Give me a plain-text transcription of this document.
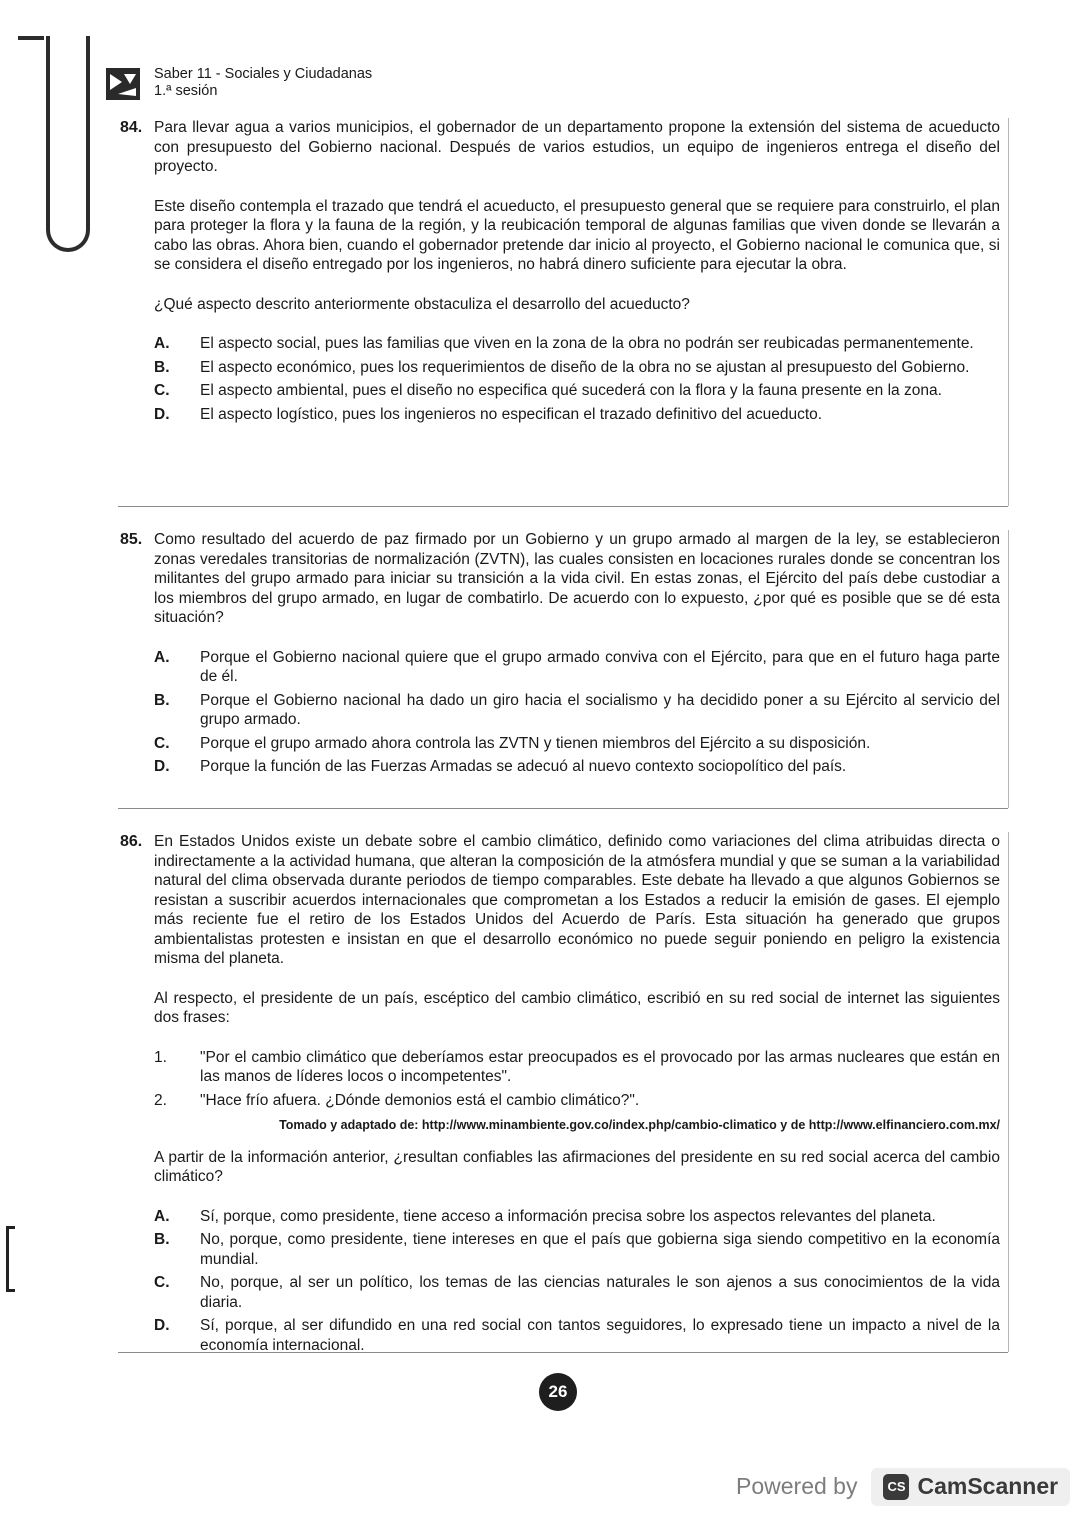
Saber 11 - Sociales y Ciudadanas
1.ª sesión
84. Para llevar agua a varios municipios, el gobernador de un departamento propone la extensión del sistema de acueducto con presupuesto del Gobierno nacional. Después de varios estudios, un equipo de ingenieros entrega el diseño del proyecto.

Este diseño contempla el trazado que tendrá el acueducto, el presupuesto general que se requiere para construirlo, el plan para proteger la flora y la fauna de la región, y la reubicación temporal de algunas familias que viven donde se llevarán a cabo las obras. Ahora bien, cuando el gobernador pretende dar inicio al proyecto, el Gobierno nacional le comunica que, si se considera el diseño entregado por los ingenieros, no habrá dinero suficiente para ejecutar la obra.

¿Qué aspecto descrito anteriormente obstaculiza el desarrollo del acueducto?

A.	El aspecto social, pues las familias que viven en la zona de la obra no podrán ser reubicadas permanentemente.
B.	El aspecto económico, pues los requerimientos de diseño de la obra no se ajustan al presupuesto del Gobierno.
C.	El aspecto ambiental, pues el diseño no especifica qué sucederá con la flora y la fauna presente en la zona.
D.	El aspecto logístico, pues los ingenieros no especifican el trazado definitivo del acueducto.
85. Como resultado del acuerdo de paz firmado por un Gobierno y un grupo armado al margen de la ley, se establecieron zonas veredales transitorias de normalización (ZVTN), las cuales consisten en locaciones rurales donde se concentran los militantes del grupo armado para iniciar su transición a la vida civil. En estas zonas, el Ejército del país debe custodiar a los miembros del grupo armado, en lugar de combatirlo. De acuerdo con lo expuesto, ¿por qué es posible que se dé esta situación?

A.	Porque el Gobierno nacional quiere que el grupo armado conviva con el Ejército, para que en el futuro haga parte de él.
B.	Porque el Gobierno nacional ha dado un giro hacia el socialismo y ha decidido poner a su Ejército al servicio del grupo armado.
C.	Porque el grupo armado ahora controla las ZVTN y tienen miembros del Ejército a su disposición.
D.	Porque la función de las Fuerzas Armadas se adecuó al nuevo contexto sociopolítico del país.
86. En Estados Unidos existe un debate sobre el cambio climático, definido como variaciones del clima atribuidas directa o indirectamente a la actividad humana, que alteran la composición de la atmósfera mundial y que se suman a la variabilidad natural del clima observada durante periodos de tiempo comparables. Este debate ha llevado a que algunos Gobiernos se resistan a suscribir acuerdos internacionales que comprometan a los Estados a reducir la emisión de gases. El ejemplo más reciente fue el retiro de los Estados Unidos del Acuerdo de París. Esta situación ha generado que grupos ambientalistas protesten e insistan en que el desarrollo económico no puede seguir poniendo en peligro la existencia misma del planeta.

Al respecto, el presidente de un país, escéptico del cambio climático, escribió en su red social de internet las siguientes dos frases:

1.	"Por el cambio climático que deberíamos estar preocupados es el provocado por las armas nucleares que están en las manos de líderes locos o incompetentes".
2.	"Hace frío afuera. ¿Dónde demonios está el cambio climático?".
Tomado y adaptado de: http://www.minambiente.gov.co/index.php/cambio-climatico y de http://www.elfinanciero.com.mx/

A partir de la información anterior, ¿resultan confiables las afirmaciones del presidente en su red social acerca del cambio climático?

A.	Sí, porque, como presidente, tiene acceso a información precisa sobre los aspectos relevantes del planeta.
B.	No, porque, como presidente, tiene intereses en que el país que gobierna siga siendo competitivo en la economía mundial.
C.	No, porque, al ser un político, los temas de las ciencias naturales le son ajenos a sus conocimientos de la vida diaria.
D.	Sí, porque, al ser difundido en una red social con tantos seguidores, lo expresado tiene un impacto a nivel de la economía internacional.
26
Powered by	CS CamScanner
